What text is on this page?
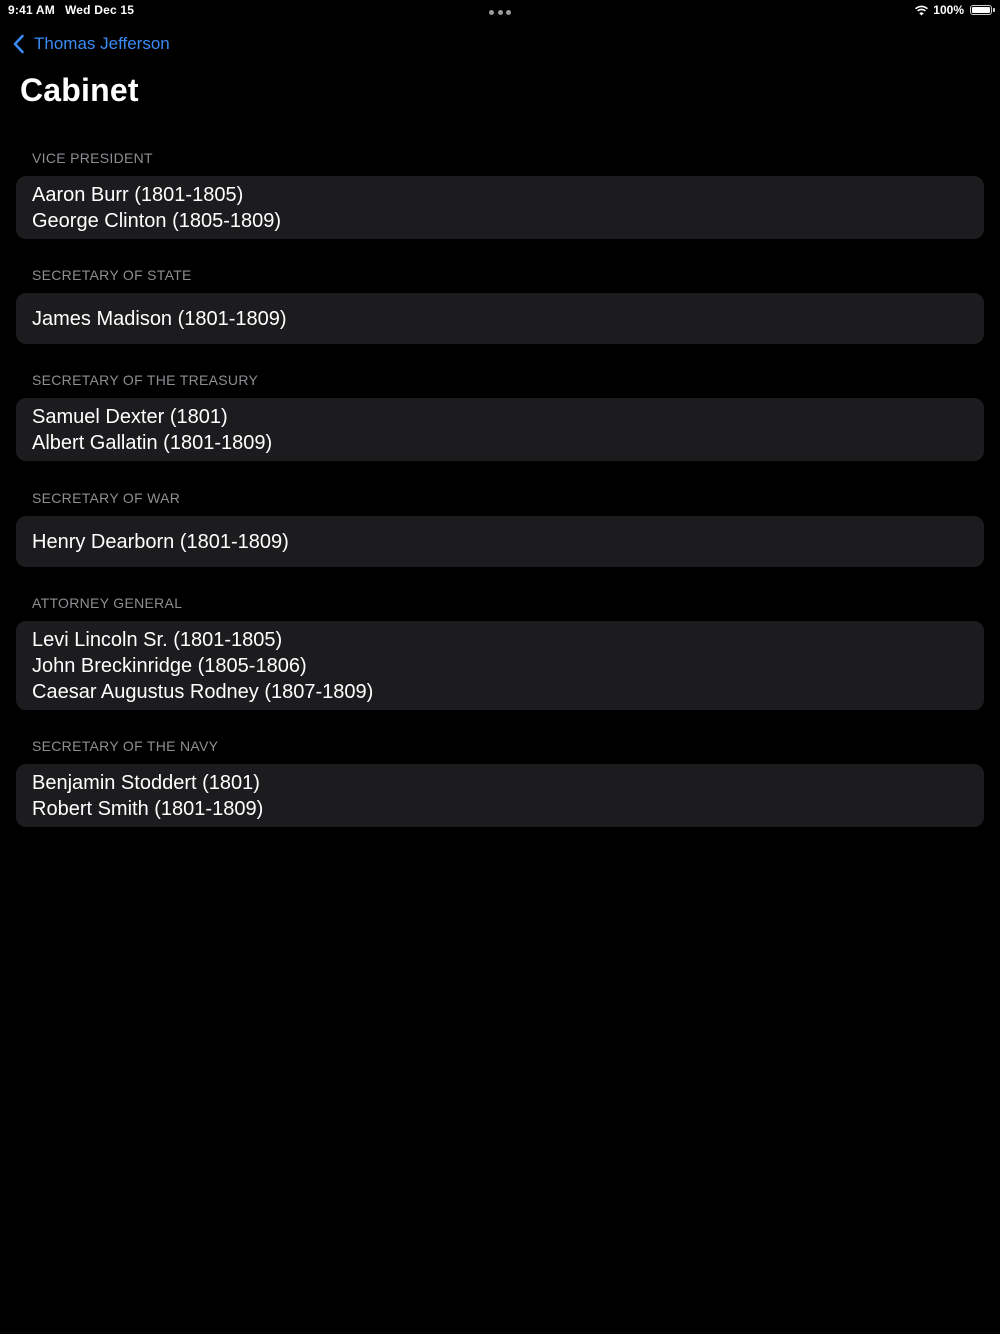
9:41 AM Wed Dec 15	100%
Thomas Jefferson
Cabinet
VICE PRESIDENT
Aaron Burr (1801-1805)
George Clinton (1805-1809)
SECRETARY OF STATE
James Madison (1801-1809)
SECRETARY OF THE TREASURY
Samuel Dexter (1801)
Albert Gallatin (1801-1809)
SECRETARY OF WAR
Henry Dearborn (1801-1809)
ATTORNEY GENERAL
Levi Lincoln Sr. (1801-1805)
John Breckinridge (1805-1806)
Caesar Augustus Rodney (1807-1809)
SECRETARY OF THE NAVY
Benjamin Stoddert (1801)
Robert Smith (1801-1809)
